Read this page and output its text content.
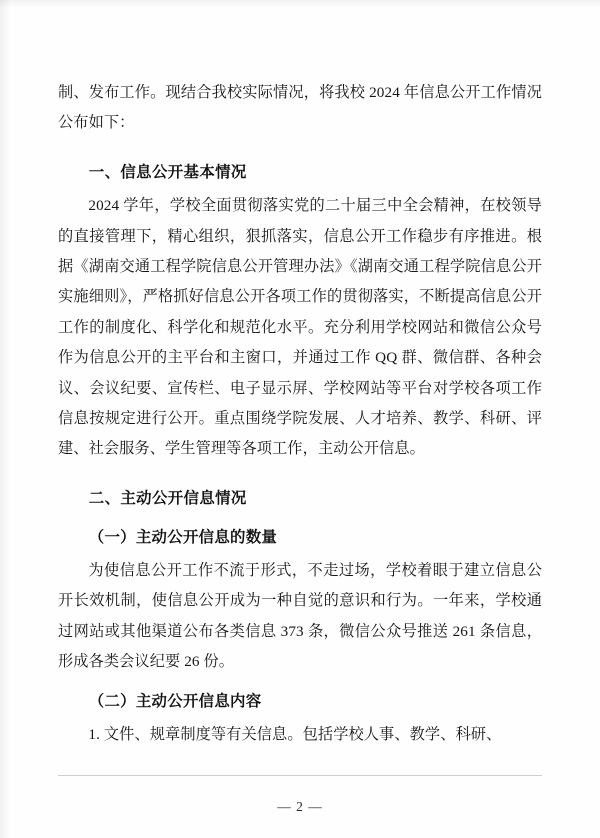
制、发布工作。现结合我校实际情况，将我校 2024 年信息公开工作情况公布如下：

一、信息公开基本情况

2024 学年，学校全面贯彻落实党的二十届三中全会精神，在校领导的直接管理下，精心组织，狠抓落实，信息公开工作稳步有序推进。根据《湖南交通工程学院信息公开管理办法》《湖南交通工程学院信息公开实施细则》，严格抓好信息公开各项工作的贯彻落实，不断提高信息公开工作的制度化、科学化和规范化水平。充分利用学校网站和微信公众号作为信息公开的主平台和主窗口，并通过工作 QQ 群、微信群、各种会议、会议纪要、宣传栏、电子显示屏、学校网站等平台对学校各项工作信息按规定进行公开。重点围绕学院发展、人才培养、教学、科研、评建、社会服务、学生管理等各项工作，主动公开信息。

二、主动公开信息情况

（一）主动公开信息的数量

为使信息公开工作不流于形式，不走过场，学校着眼于建立信息公开长效机制，使信息公开成为一种自觉的意识和行为。一年来，学校通过网站或其他渠道公布各类信息 373 条，微信公众号推送 261 条信息，形成各类会议纪要 26 份。

（二）主动公开信息内容

1. 文件、规章制度等有关信息。包括学校人事、教学、科研、

— 2 —
